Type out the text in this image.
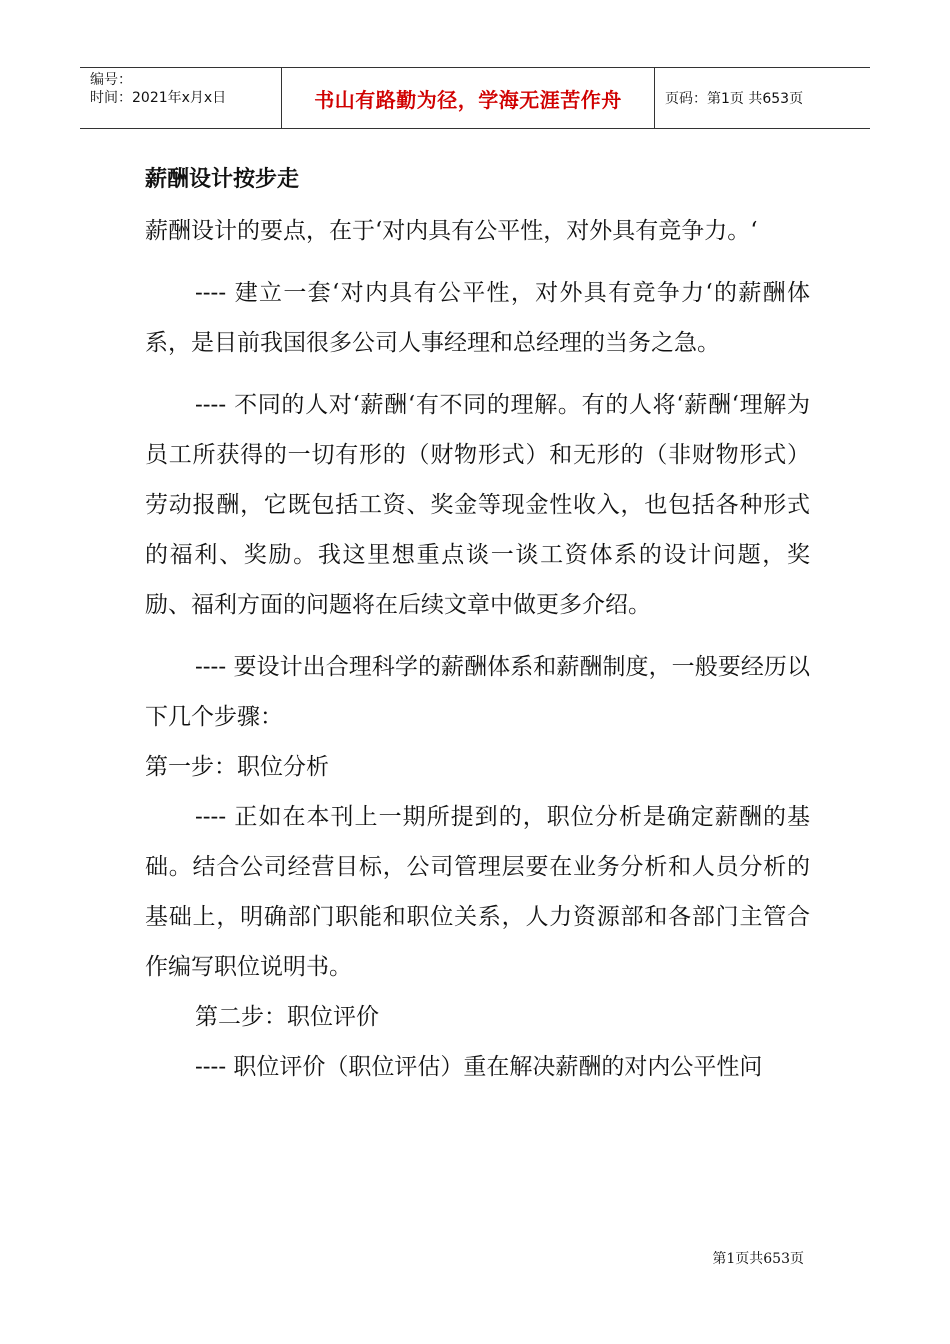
编号：
时间：2021年x月x日	书山有路勤为径，学海无涯苦作舟	页码：第1页 共653页
薪酬设计按步走

薪酬设计的要点，在于‘对内具有公平性，对外具有竞争力。‘

---- 建立一套‘对内具有公平性，对外具有竞争力‘的薪酬体系，是目前我国很多公司人事经理和总经理的当务之急。

---- 不同的人对‘薪酬‘有不同的理解。有的人将‘薪酬‘理解为员工所获得的一切有形的（财物形式）和无形的（非财物形式）劳动报酬，它既包括工资、奖金等现金性收入，也包括各种形式的福利、奖励。我这里想重点谈一谈工资体系的设计问题，奖励、福利方面的问题将在后续文章中做更多介绍。

---- 要设计出合理科学的薪酬体系和薪酬制度，一般要经历以下几个步骤：

第一步：职位分析

---- 正如在本刊上一期所提到的，职位分析是确定薪酬的基础。结合公司经营目标，公司管理层要在业务分析和人员分析的基础上，明确部门职能和职位关系，人力资源部和各部门主管合作编写职位说明书。

第二步：职位评价

---- 职位评价（职位评估）重在解决薪酬的对内公平性问

第1页共653页
